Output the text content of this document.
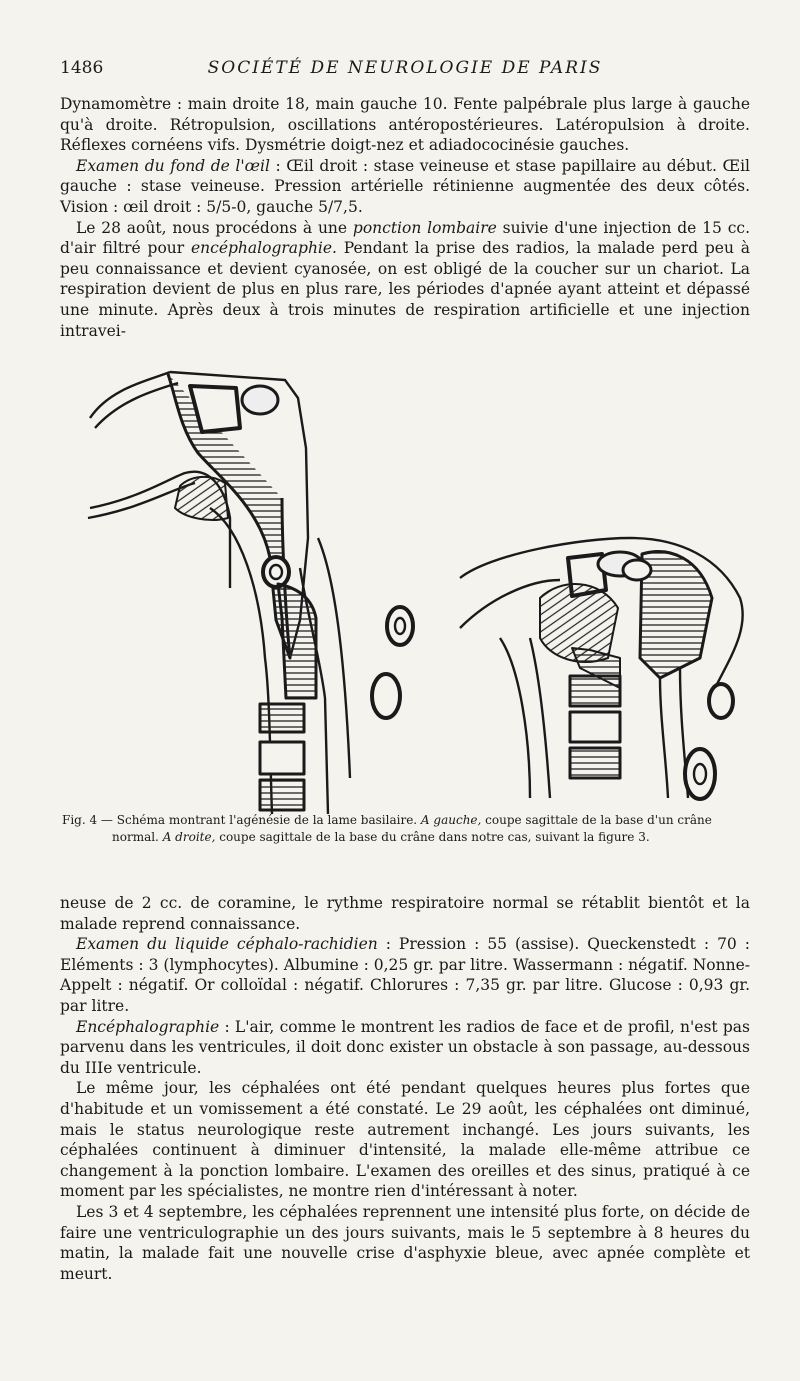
1486	SOCIÉTÉ DE NEUROLOGIE DE PARIS

Dynamomètre : main droite 18, main gauche 10. Fente palpébrale plus large à gauche qu'à droite. Rétropulsion, oscillations antéropostérieures. Latéropulsion à droite. Réflexes cornéens vifs. Dysmétrie doigt-nez et adiadococinésie gauches.

Examen du fond de l'œil : Œil droit : stase veineuse et stase papillaire au début. Œil gauche : stase veineuse. Pression artérielle rétinienne augmentée des deux côtés. Vision : œil droit : 5/5-0, gauche 5/7,5.

Le 28 août, nous procédons à une ponction lombaire suivie d'une injection de 15 cc. d'air filtré pour encéphalographie. Pendant la prise des radios, la malade perd peu à peu connaissance et devient cyanosée, on est obligé de la coucher sur un chariot. La respiration devient de plus en plus rare, les périodes d'apnée ayant atteint et dépassé une minute. Après deux à trois minutes de respiration artificielle et une injection intravei-

Fig. 4 — Schéma montrant l'agénésie de la lame basilaire. A gauche, coupe sagittale de la base d'un crâne
normal. A droite, coupe sagittale de la base du crâne dans notre cas, suivant la figure 3.

neuse de 2 cc. de coramine, le rythme respiratoire normal se rétablit bientôt et la malade reprend connaissance.

Examen du liquide céphalo-rachidien : Pression : 55 (assise). Queckenstedt : 70 : Eléments : 3 (lymphocytes). Albumine : 0,25 gr. par litre. Wassermann : négatif. Nonne-Appelt : négatif. Or colloïdal : négatif. Chlorures : 7,35 gr. par litre. Glucose : 0,93 gr. par litre.

Encéphalographie : L'air, comme le montrent les radios de face et de profil, n'est pas parvenu dans les ventricules, il doit donc exister un obstacle à son passage, au-dessous du IIIe ventricule.

Le même jour, les céphalées ont été pendant quelques heures plus fortes que d'habitude et un vomissement a été constaté. Le 29 août, les céphalées ont diminué, mais le status neurologique reste autrement inchangé. Les jours suivants, les céphalées continuent à diminuer d'intensité, la malade elle-même attribue ce changement à la ponction lombaire. L'examen des oreilles et des sinus, pratiqué à ce moment par les spécialistes, ne montre rien d'intéressant à noter.

Les 3 et 4 septembre, les céphalées reprennent une intensité plus forte, on décide de faire une ventriculographie un des jours suivants, mais le 5 septembre à 8 heures du matin, la malade fait une nouvelle crise d'asphyxie bleue, avec apnée complète et meurt.
